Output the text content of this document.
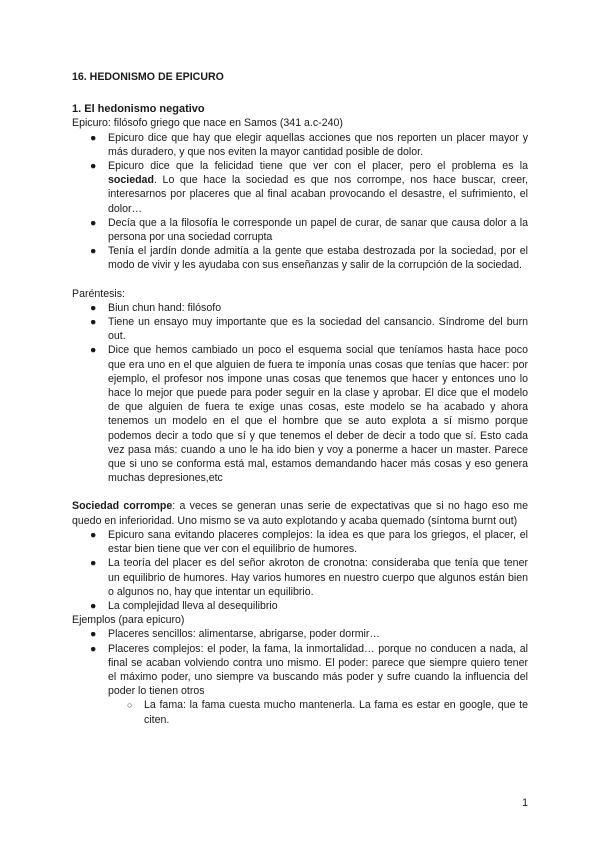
16. HEDONISMO DE EPICURO

1. El hedonismo negativo

Epicuro: filósofo griego que nace en Samos (341 a.c-240)

● Epicuro dice que hay que elegir aquellas acciones que nos reporten un placer mayor y más duradero, y que nos eviten la mayor cantidad posible de dolor.
● Epicuro dice que la felicidad tiene que ver con el placer, pero el problema es la sociedad. Lo que hace la sociedad es que nos corrompe, nos hace buscar, creer, interesarnos por placeres que al final acaban provocando el desastre, el sufrimiento, el dolor…
● Decía que a la filosofía le corresponde un papel de curar, de sanar que causa dolor a la persona por una sociedad corrupta
● Tenía el jardín donde admitía a la gente que estaba destrozada por la sociedad, por el modo de vivir y les ayudaba con sus enseñanzas y salir de la corrupción de la sociedad.

Paréntesis:

● Biun chun hand: filósofo
● Tiene un ensayo muy importante que es la sociedad del cansancio. Síndrome del burn out.
● Dice que hemos cambiado un poco el esquema social que teníamos hasta hace poco que era uno en el que alguien de fuera te imponía unas cosas que tenías que hacer: por ejemplo, el profesor nos impone unas cosas que tenemos que hacer y entonces uno lo hace lo mejor que puede para poder seguir en la clase y aprobar. El dice que el modelo de que alguien de fuera te exige unas cosas, este modelo se ha acabado y ahora tenemos un modelo en el que el hombre que se auto explota a sí mismo porque podemos decir a todo que sí y que tenemos el deber de decir a todo que sí. Esto cada vez pasa más: cuando a uno le ha ido bien y voy a ponerme a hacer un master. Parece que si uno se conforma está mal, estamos demandando hacer más cosas y eso genera muchas depresiones,etc

Sociedad corrompe: a veces se generan unas serie de expectativas que si no hago eso me quedo en inferioridad. Uno mismo se va auto explotando y acaba quemado (síntoma burnt out)

● Epicuro sana evitando placeres complejos: la idea es que para los griegos, el placer, el estar bien tiene que ver con el equilibrio de humores.
● La teoría del placer es del señor akroton de cronotna: consideraba que tenía que tener un equilibrio de humores. Hay varios humores en nuestro cuerpo que algunos están bien o algunos no, hay que intentar un equilibrio.
● La complejidad lleva al desequilibrio

Ejemplos (para epicuro)

● Placeres sencillos: alimentarse, abrigarse, poder dormir…
● Placeres complejos: el poder, la fama, la inmortalidad… porque no conducen a nada, al final se acaban volviendo contra uno mismo. El poder: parece que siempre quiero tener el máximo poder, uno siempre va buscando más poder y sufre cuando la influencia del poder lo tienen otros
○ La fama: la fama cuesta mucho mantenerla. La fama es estar en google, que te citen.
1
